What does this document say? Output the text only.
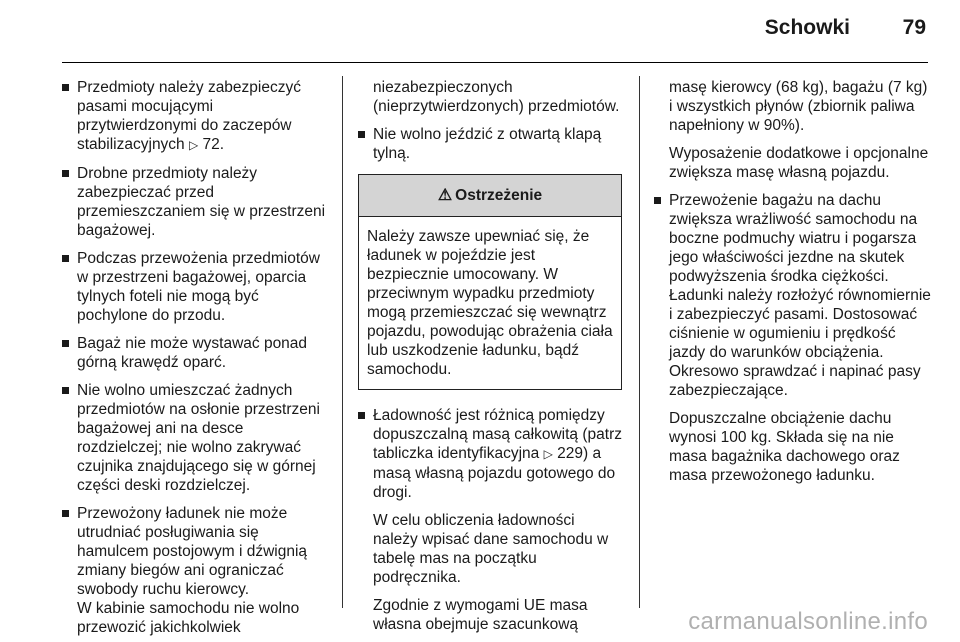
Schowki	79

Przedmioty należy zabezpieczyć pasami mocującymi przytwierdzonymi do zaczepów stabilizacyjnych ▷ 72.

Drobne przedmioty należy zabezpieczać przed przemieszczaniem się w przestrzeni bagażowej.

Podczas przewożenia przedmiotów w przestrzeni bagażowej, oparcia tylnych foteli nie mogą być pochylone do przodu.

Bagaż nie może wystawać ponad górną krawędź oparć.

Nie wolno umieszczać żadnych przedmiotów na osłonie przestrzeni bagażowej ani na desce rozdzielczej; nie wolno zakrywać czujnika znajdującego się w górnej części deski rozdzielczej.

Przewożony ładunek nie może utrudniać posługiwania się hamulcem postojowym i dźwignią zmiany biegów ani ograniczać swobody ruchu kierowcy.
W kabinie samochodu nie wolno przewozić jakichkolwiek

niezabezpieczonych (nieprzytwierdzonych) przedmiotów.

Nie wolno jeździć z otwartą klapą tylną.

⚠ Ostrzeżenie
Należy zawsze upewniać się, że ładunek w pojeździe jest bezpiecznie umocowany. W przeciwnym wypadku przedmioty mogą przemieszczać się wewnątrz pojazdu, powodując obrażenia ciała lub uszkodzenie ładunku, bądź samochodu.

Ładowność jest różnicą pomiędzy dopuszczalną masą całkowitą (patrz tabliczka identyfikacyjna ▷ 229) a masą własną pojazdu gotowego do drogi.

W celu obliczenia ładowności należy wpisać dane samochodu w tabelę mas na początku podręcznika.

Zgodnie z wymogami UE masa własna obejmuje szacunkową

masę kierowcy (68 kg), bagażu (7 kg) i wszystkich płynów (zbiornik paliwa napełniony w 90%).

Wyposażenie dodatkowe i opcjonalne zwiększa masę własną pojazdu.

Przewożenie bagażu na dachu zwiększa wrażliwość samochodu na boczne podmuchy wiatru i pogarsza jego właściwości jezdne na skutek podwyższenia środka ciężkości. Ładunki należy rozłożyć równomiernie i zabezpieczyć pasami. Dostosować ciśnienie w ogumieniu i prędkość jazdy do warunków obciążenia. Okresowo sprawdzać i napinać pasy zabezpieczające.

Dopuszczalne obciążenie dachu wynosi 100 kg. Składa się na nie masa bagażnika dachowego oraz masa przewożonego ładunku.

carmanualsonline.info
